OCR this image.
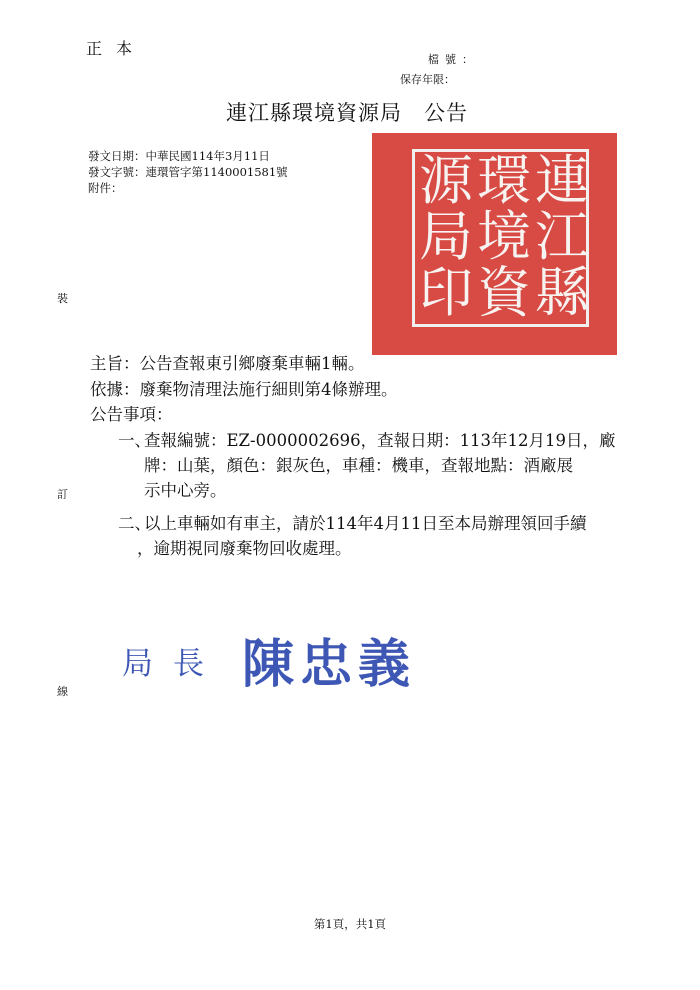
正本
檔號：
保存年限：
連江縣環境資源局　公告
發文日期：中華民國114年3月11日
發文字號：連環管字第1140001581號
附件：	連
江
縣
環
境
資
源
局
印
裝
訂
線
主旨：公告查報東引鄉廢棄車輛1輛。
依據：廢棄物清理法施行細則第4條辦理。
公告事項：
一、
查報編號：EZ-0000002696，查報日期：113年12月19日，廠
牌：山葉，顏色：銀灰色，車種：機車，查報地點：酒廠展
示中心旁。
二、
以上車輛如有車主，請於114年4月11日至本局辦理領回手續
，逾期視同廢棄物回收處理。
局長 陳忠義
第1頁，共1頁
